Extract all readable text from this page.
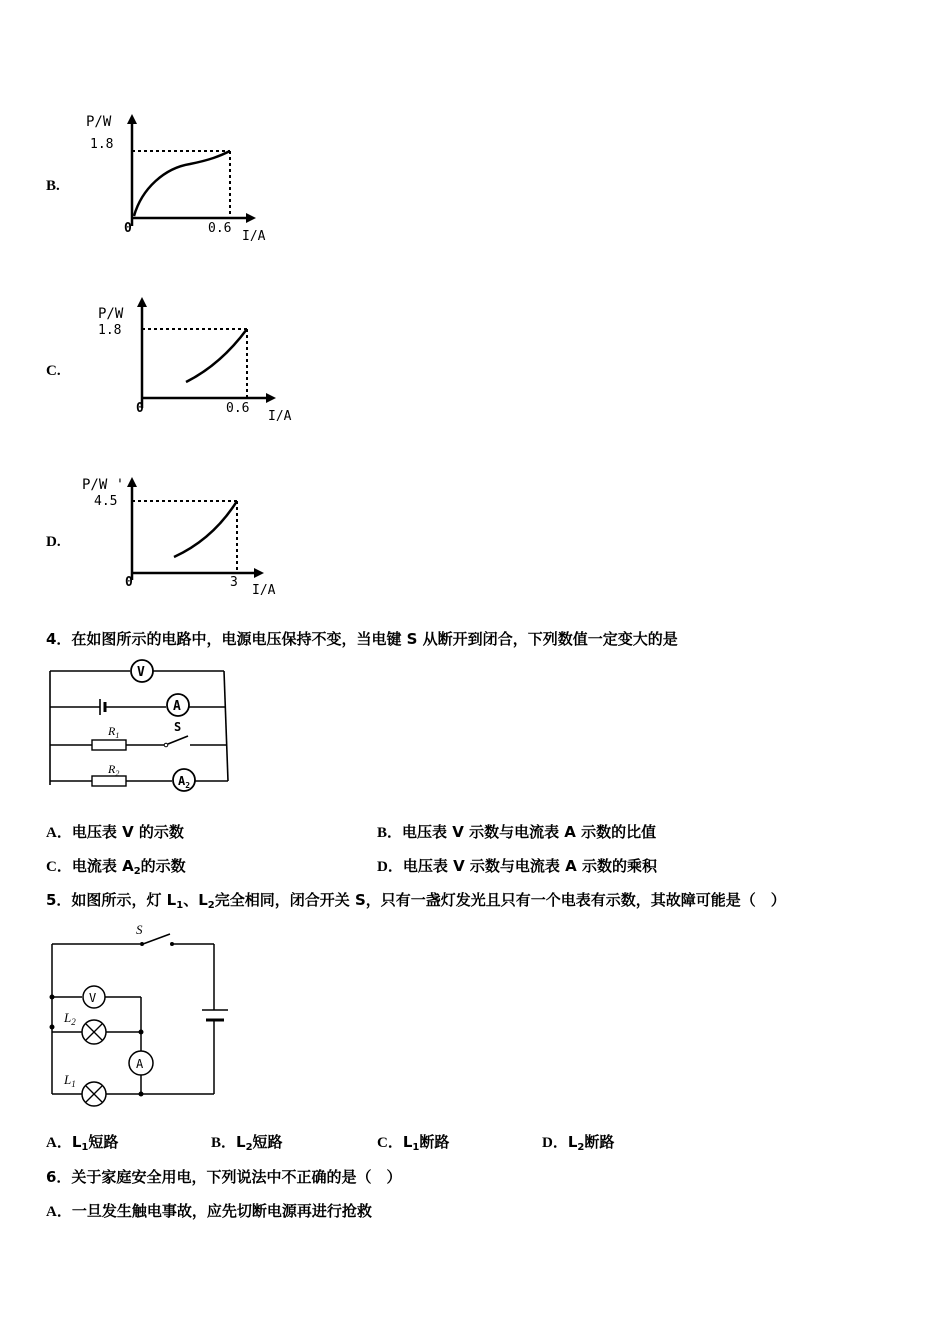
B.
P/W
1.8
0	0.6
I/A
C.
P/W
1.8
0	0.6
I/A
D.
P/W '
4.5
0	3
I/A
4．在如图所示的电路中，电源电压保持不变，当电键 S 从断开到闭合，下列数值一定变大的是
V
A
$R_1$
S
$R_2$
$A_2$
A．电压表 V 的示数	B．电压表 V 示数与电流表 A 示数的比值
C．电流表 $A_2$的示数	D．电压表 V 示数与电流表 A 示数的乘积
5．如图所示，灯 $L_1$、$L_2$完全相同，闭合开关 S，只有一盏灯发光且只有一个电表有示数，其故障可能是（　）
S
V
$L_2$
A
$L_1$
A．$L_1$短路	B．$L_2$短路	C．$L_1$断路	D．$L_2$断路
6．关于家庭安全用电，下列说法中不正确的是（　）
A．一旦发生触电事故，应先切断电源再进行抢救
